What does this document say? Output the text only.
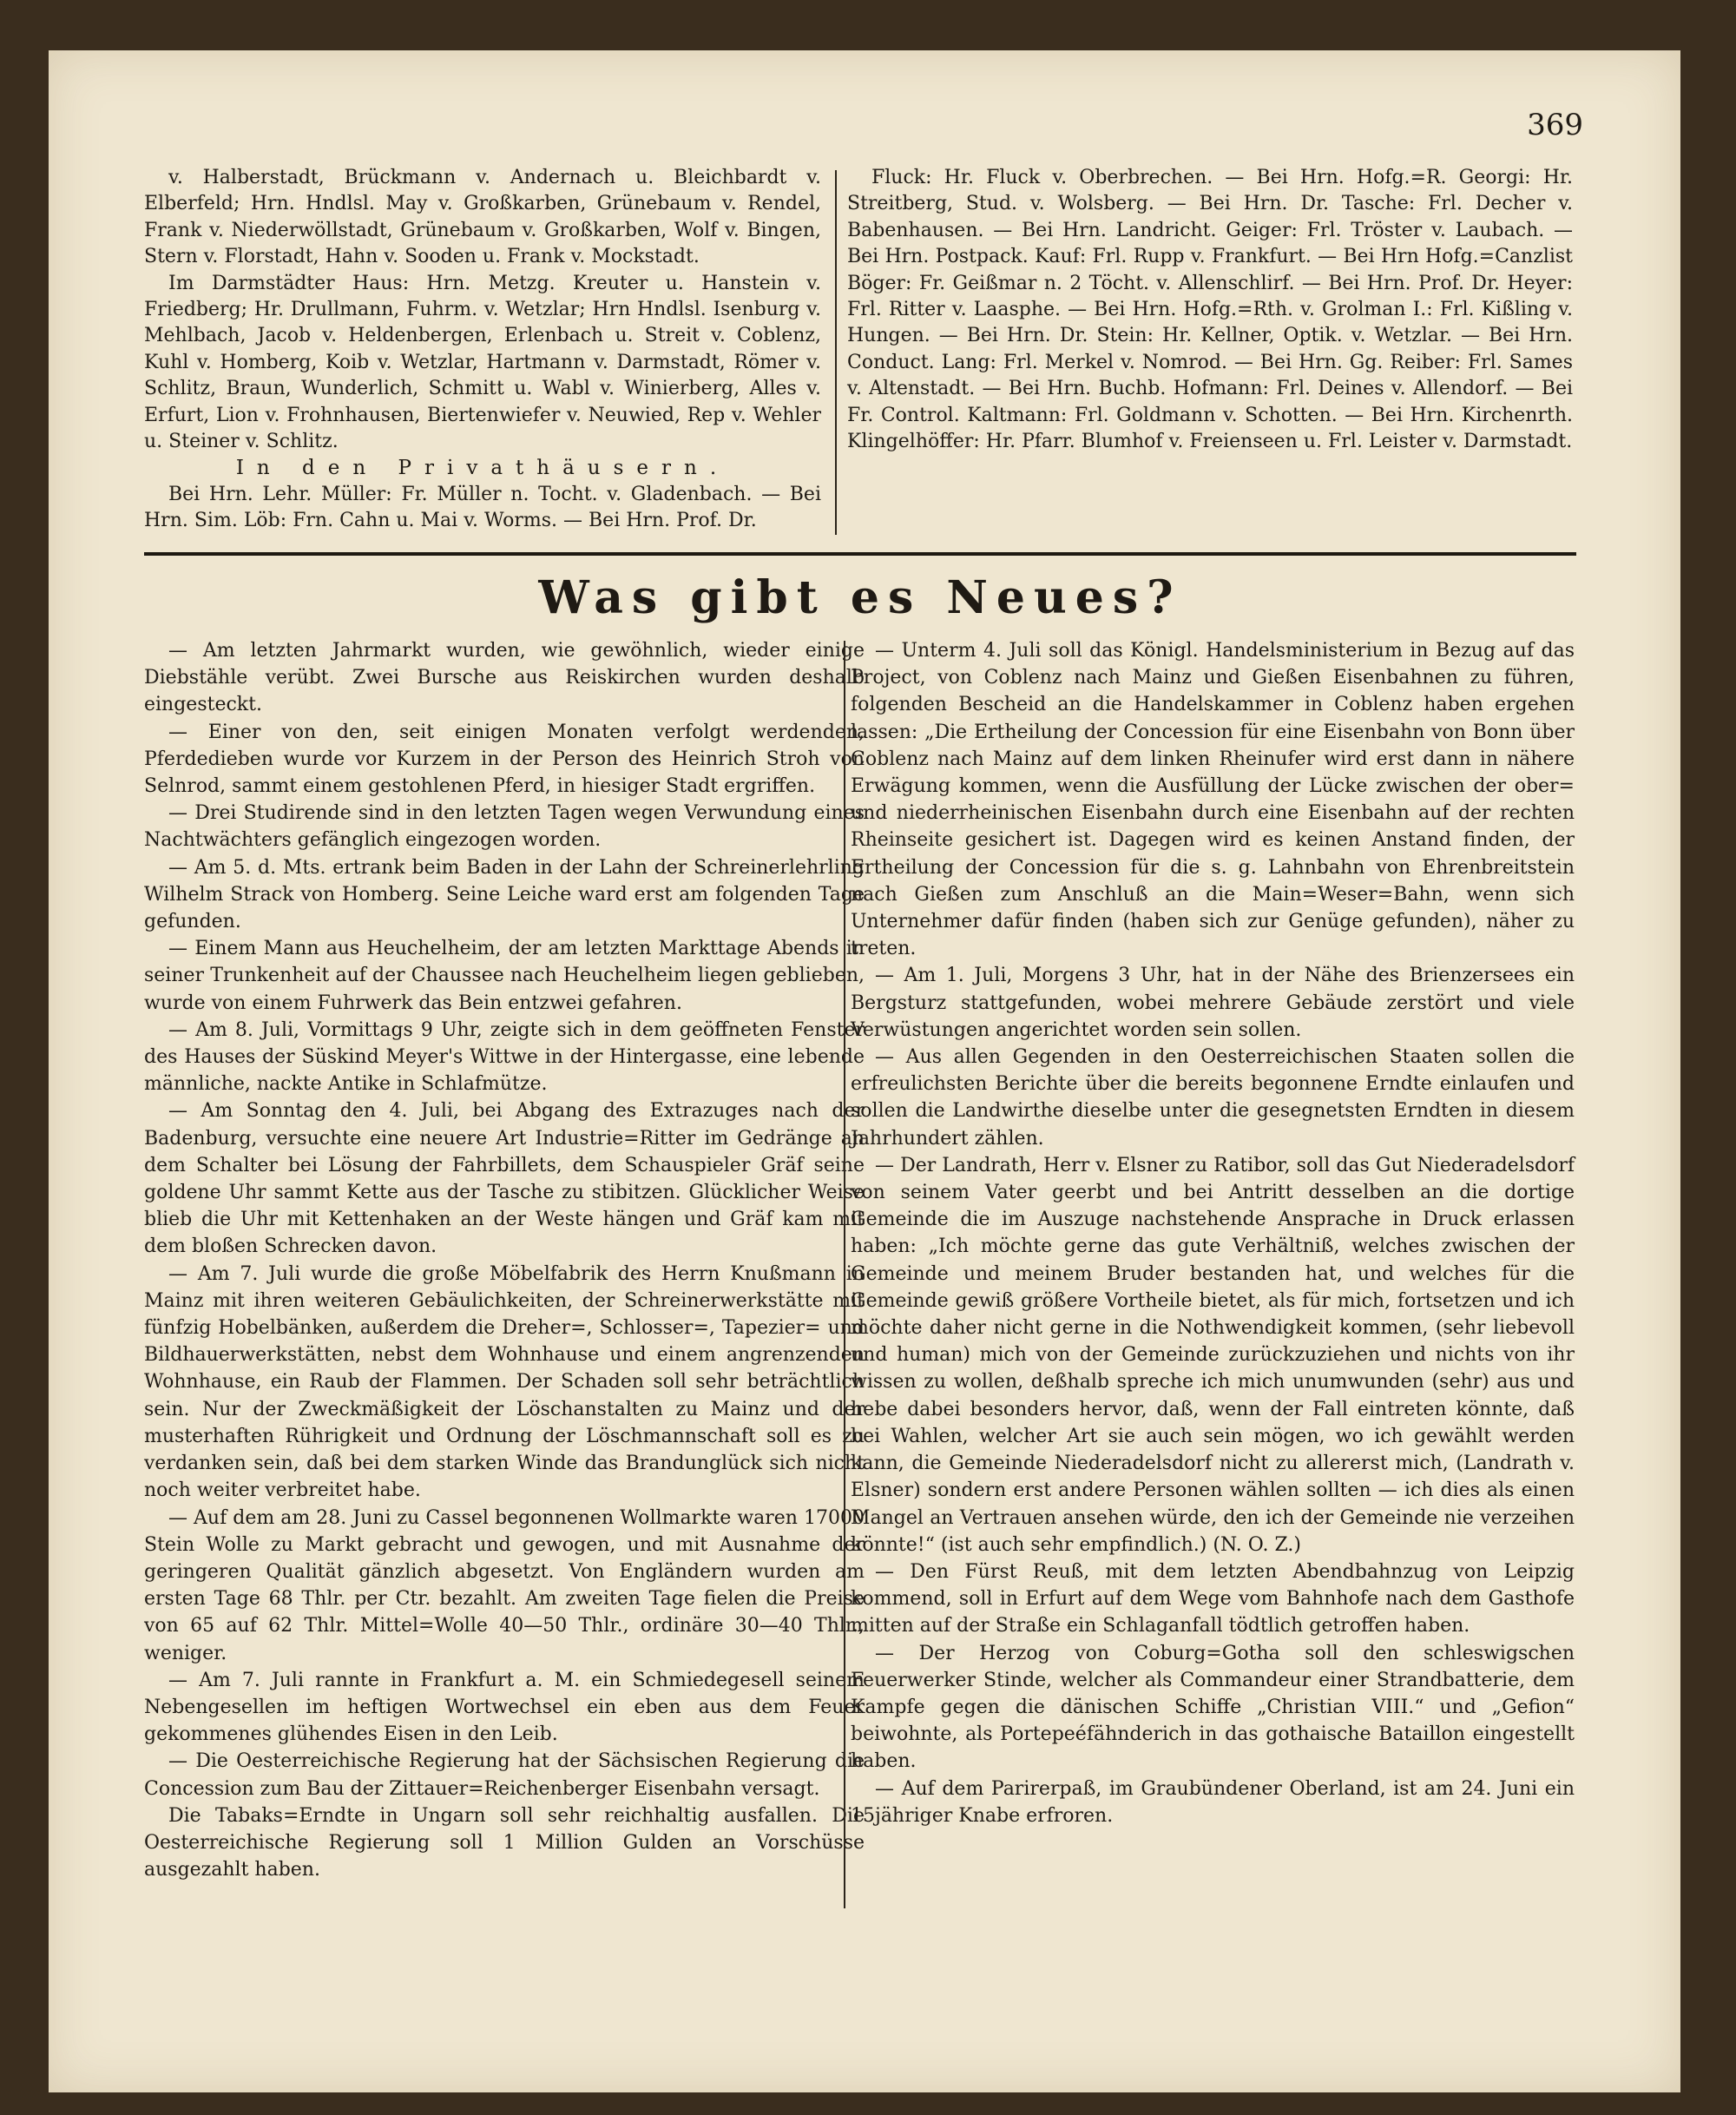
369

v. Halberstadt, Brückmann v. Andernach u. Bleichbardt v. Elberfeld; Hrn. Hndlsl. May v. Großkarben, Grünebaum v. Rendel, Frank v. Niederwöllstadt, Grünebaum v. Großkarben, Wolf v. Bingen, Stern v. Florstadt, Hahn v. Sooden u. Frank v. Mockstadt.

Im Darmstädter Haus: Hrn. Metzg. Kreuter u. Hanstein v. Friedberg; Hr. Drullmann, Fuhrm. v. Wetzlar; Hrn Hndlsl. Isenburg v. Mehlbach, Jacob v. Heldenbergen, Erlenbach u. Streit v. Coblenz, Kuhl v. Homberg, Koib v. Wetzlar, Hartmann v. Darmstadt, Römer v. Schlitz, Braun, Wunderlich, Schmitt u. Wabl v. Winierberg, Alles v. Erfurt, Lion v. Frohnhausen, Biertenwiefer v. Neuwied, Rep v. Wehler u. Steiner v. Schlitz.

In den Privathäusern.

Bei Hrn. Lehr. Müller: Fr. Müller n. Tocht. v. Gladenbach. — Bei Hrn. Sim. Löb: Frn. Cahn u. Mai v. Worms. — Bei Hrn. Prof. Dr.

Fluck: Hr. Fluck v. Oberbrechen. — Bei Hrn. Hofg.=R. Georgi: Hr. Streitberg, Stud. v. Wolsberg. — Bei Hrn. Dr. Tasche: Frl. Decher v. Babenhausen. — Bei Hrn. Landricht. Geiger: Frl. Tröster v. Laubach. — Bei Hrn. Postpack. Kauf: Frl. Rupp v. Frankfurt. — Bei Hrn Hofg.=Canzlist Böger: Fr. Geißmar n. 2 Töcht. v. Allenschlirf. — Bei Hrn. Prof. Dr. Heyer: Frl. Ritter v. Laasphe. — Bei Hrn. Hofg.=Rth. v. Grolman I.: Frl. Kißling v. Hungen. — Bei Hrn. Dr. Stein: Hr. Kellner, Optik. v. Wetzlar. — Bei Hrn. Conduct. Lang: Frl. Merkel v. Nomrod. — Bei Hrn. Gg. Reiber: Frl. Sames v. Altenstadt. — Bei Hrn. Buchb. Hofmann: Frl. Deines v. Allendorf. — Bei Fr. Control. Kaltmann: Frl. Goldmann v. Schotten. — Bei Hrn. Kirchenrth. Klingelhöffer: Hr. Pfarr. Blumhof v. Freienseen u. Frl. Leister v. Darmstadt.

Was gibt es Neues?

— Am letzten Jahrmarkt wurden, wie gewöhnlich, wieder einige Diebstähle verübt. Zwei Bursche aus Reiskirchen wurden deshalb eingesteckt.

— Einer von den, seit einigen Monaten verfolgt werdenden, Pferdedieben wurde vor Kurzem in der Person des Heinrich Stroh von Selnrod, sammt einem gestohlenen Pferd, in hiesiger Stadt ergriffen.

— Drei Studirende sind in den letzten Tagen wegen Verwundung eines Nachtwächters gefänglich eingezogen worden.

— Am 5. d. Mts. ertrank beim Baden in der Lahn der Schreinerlehrling Wilhelm Strack von Homberg. Seine Leiche ward erst am folgenden Tage gefunden.

— Einem Mann aus Heuchelheim, der am letzten Markttage Abends in seiner Trunkenheit auf der Chaussee nach Heuchelheim liegen geblieben, wurde von einem Fuhrwerk das Bein entzwei gefahren.

— Am 8. Juli, Vormittags 9 Uhr, zeigte sich in dem geöffneten Fenster des Hauses der Süskind Meyer's Wittwe in der Hintergasse, eine lebende männliche, nackte Antike in Schlafmütze.

— Am Sonntag den 4. Juli, bei Abgang des Extrazuges nach der Badenburg, versuchte eine neuere Art Industrie=Ritter im Gedränge an dem Schalter bei Lösung der Fahrbillets, dem Schauspieler Gräf seine goldene Uhr sammt Kette aus der Tasche zu stibitzen. Glücklicher Weise blieb die Uhr mit Kettenhaken an der Weste hängen und Gräf kam mit dem bloßen Schrecken davon.

— Am 7. Juli wurde die große Möbelfabrik des Herrn Knußmann in Mainz mit ihren weiteren Gebäulichkeiten, der Schreinerwerkstätte mit fünfzig Hobelbänken, außerdem die Dreher=, Schlosser=, Tapezier= und Bildhauerwerkstätten, nebst dem Wohnhause und einem angrenzenden Wohnhause, ein Raub der Flammen. Der Schaden soll sehr beträchtlich sein. Nur der Zweckmäßigkeit der Löschanstalten zu Mainz und der musterhaften Rührigkeit und Ordnung der Löschmannschaft soll es zu verdanken sein, daß bei dem starken Winde das Brandunglück sich nicht noch weiter verbreitet habe.

— Auf dem am 28. Juni zu Cassel begonnenen Wollmarkte waren 17000 Stein Wolle zu Markt gebracht und gewogen, und mit Ausnahme der geringeren Qualität gänzlich abgesetzt. Von Engländern wurden am ersten Tage 68 Thlr. per Ctr. bezahlt. Am zweiten Tage fielen die Preise von 65 auf 62 Thlr. Mittel=Wolle 40—50 Thlr., ordinäre 30—40 Thlr., weniger.

— Am 7. Juli rannte in Frankfurt a. M. ein Schmiedegesell seinem Nebengesellen im heftigen Wortwechsel ein eben aus dem Feuer gekommenes glühendes Eisen in den Leib.

— Die Oesterreichische Regierung hat der Sächsischen Regierung die Concession zum Bau der Zittauer=Reichenberger Eisenbahn versagt.

Die Tabaks=Erndte in Ungarn soll sehr reichhaltig ausfallen. Die Oesterreichische Regierung soll 1 Million Gulden an Vorschüsse ausgezahlt haben.

— Unterm 4. Juli soll das Königl. Handelsministerium in Bezug auf das Project, von Coblenz nach Mainz und Gießen Eisenbahnen zu führen, folgenden Bescheid an die Handelskammer in Coblenz haben ergehen lassen: „Die Ertheilung der Concession für eine Eisenbahn von Bonn über Coblenz nach Mainz auf dem linken Rheinufer wird erst dann in nähere Erwägung kommen, wenn die Ausfüllung der Lücke zwischen der ober= und niederrheinischen Eisenbahn durch eine Eisenbahn auf der rechten Rheinseite gesichert ist. Dagegen wird es keinen Anstand finden, der Ertheilung der Concession für die s. g. Lahnbahn von Ehrenbreitstein nach Gießen zum Anschluß an die Main=Weser=Bahn, wenn sich Unternehmer dafür finden (haben sich zur Genüge gefunden), näher zu treten.

— Am 1. Juli, Morgens 3 Uhr, hat in der Nähe des Brienzersees ein Bergsturz stattgefunden, wobei mehrere Gebäude zerstört und viele Verwüstungen angerichtet worden sein sollen.

— Aus allen Gegenden in den Oesterreichischen Staaten sollen die erfreulichsten Berichte über die bereits begonnene Erndte einlaufen und sollen die Landwirthe dieselbe unter die gesegnetsten Erndten in diesem Jahrhundert zählen.

— Der Landrath, Herr v. Elsner zu Ratibor, soll das Gut Niederadelsdorf von seinem Vater geerbt und bei Antritt desselben an die dortige Gemeinde die im Auszuge nachstehende Ansprache in Druck erlassen haben: „Ich möchte gerne das gute Verhältniß, welches zwischen der Gemeinde und meinem Bruder bestanden hat, und welches für die Gemeinde gewiß größere Vortheile bietet, als für mich, fortsetzen und ich möchte daher nicht gerne in die Nothwendigkeit kommen, (sehr liebevoll und human) mich von der Gemeinde zurückzuziehen und nichts von ihr wissen zu wollen, deßhalb spreche ich mich unumwunden (sehr) aus und hebe dabei besonders hervor, daß, wenn der Fall eintreten könnte, daß bei Wahlen, welcher Art sie auch sein mögen, wo ich gewählt werden kann, die Gemeinde Niederadelsdorf nicht zu allererst mich, (Landrath v. Elsner) sondern erst andere Personen wählen sollten — ich dies als einen Mangel an Vertrauen ansehen würde, den ich der Gemeinde nie verzeihen könnte!“ (ist auch sehr empfindlich.) (N. O. Z.)

— Den Fürst Reuß, mit dem letzten Abendbahnzug von Leipzig kommend, soll in Erfurt auf dem Wege vom Bahnhofe nach dem Gasthofe mitten auf der Straße ein Schlaganfall tödtlich getroffen haben.

— Der Herzog von Coburg=Gotha soll den schleswigschen Feuerwerker Stinde, welcher als Commandeur einer Strandbatterie, dem Kampfe gegen die dänischen Schiffe „Christian VIII.“ und „Gefion“ beiwohnte, als Portepeéfähnderich in das gothaische Bataillon eingestellt haben.

— Auf dem Parirerpaß, im Graubündener Oberland, ist am 24. Juni ein 15jähriger Knabe erfroren.
